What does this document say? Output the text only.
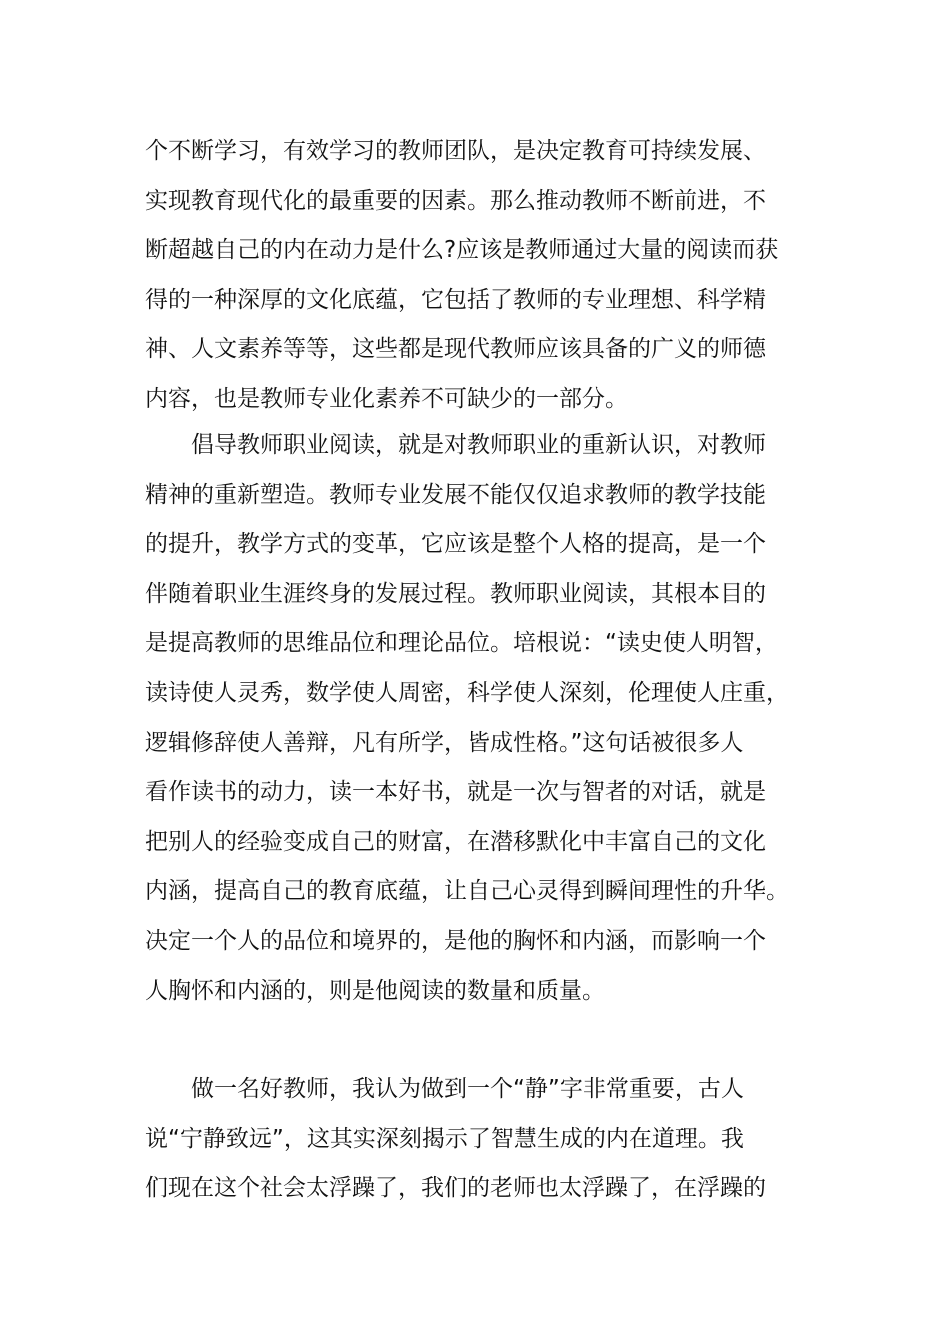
个不断学习，有效学习的教师团队，是决定教育可持续发展、
实现教育现代化的最重要的因素。那么推动教师不断前进，不
断超越自己的内在动力是什么?应该是教师通过大量的阅读而获
得的一种深厚的文化底蕴，它包括了教师的专业理想、科学精
神、人文素养等等，这些都是现代教师应该具备的广义的师德
内容，也是教师专业化素养不可缺少的一部分。
倡导教师职业阅读，就是对教师职业的重新认识，对教师
精神的重新塑造。教师专业发展不能仅仅追求教师的教学技能
的提升，教学方式的变革，它应该是整个人格的提高，是一个
伴随着职业生涯终身的发展过程。教师职业阅读，其根本目的
是提高教师的思维品位和理论品位。培根说：“读史使人明智，
读诗使人灵秀，数学使人周密，科学使人深刻，伦理使人庄重，
逻辑修辞使人善辩，凡有所学，皆成性格。”这句话被很多人
看作读书的动力，读一本好书，就是一次与智者的对话，就是
把别人的经验变成自己的财富，在潜移默化中丰富自己的文化
内涵，提高自己的教育底蕴，让自己心灵得到瞬间理性的升华。
决定一个人的品位和境界的，是他的胸怀和内涵，而影响一个
人胸怀和内涵的，则是他阅读的数量和质量。
做一名好教师，我认为做到一个“静”字非常重要，古人
说“宁静致远”，这其实深刻揭示了智慧生成的内在道理。我
们现在这个社会太浮躁了，我们的老师也太浮躁了，在浮躁的
